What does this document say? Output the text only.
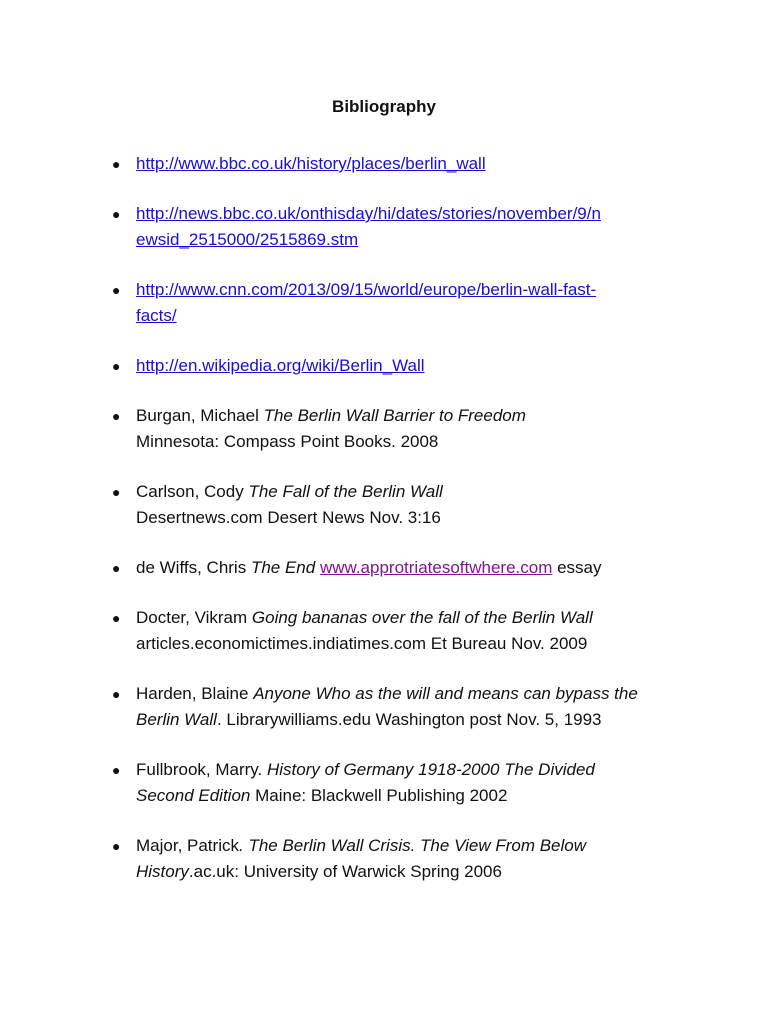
Bibliography
● http://www.bbc.co.uk/history/places/berlin_wall
● http://news.bbc.co.uk/onthisday/hi/dates/stories/november/9/n
ewsid_2515000/2515869.stm
● http://www.cnn.com/2013/09/15/world/europe/berlin-wall-fast-
facts/
● http://en.wikipedia.org/wiki/Berlin_Wall
● Burgan, Michael The Berlin Wall Barrier to Freedom
Minnesota: Compass Point Books. 2008
● Carlson, Cody The Fall of the Berlin Wall
Desertnews.com Desert News Nov. 3:16
● de Wiffs, Chris The End www.approtriatesoftwhere.com essay
● Docter, Vikram Going bananas over the fall of the Berlin Wall
articles.economictimes.indiatimes.com Et Bureau Nov. 2009
● Harden, Blaine Anyone Who as the will and means can bypass the
Berlin Wall. Librarywilliams.edu Washington post Nov. 5, 1993
● Fullbrook, Marry. History of Germany 1918-2000 The Divided
Second Edition Maine: Blackwell Publishing 2002
● Major, Patrick. The Berlin Wall Crisis. The View From Below
History.ac.uk: University of Warwick Spring 2006
